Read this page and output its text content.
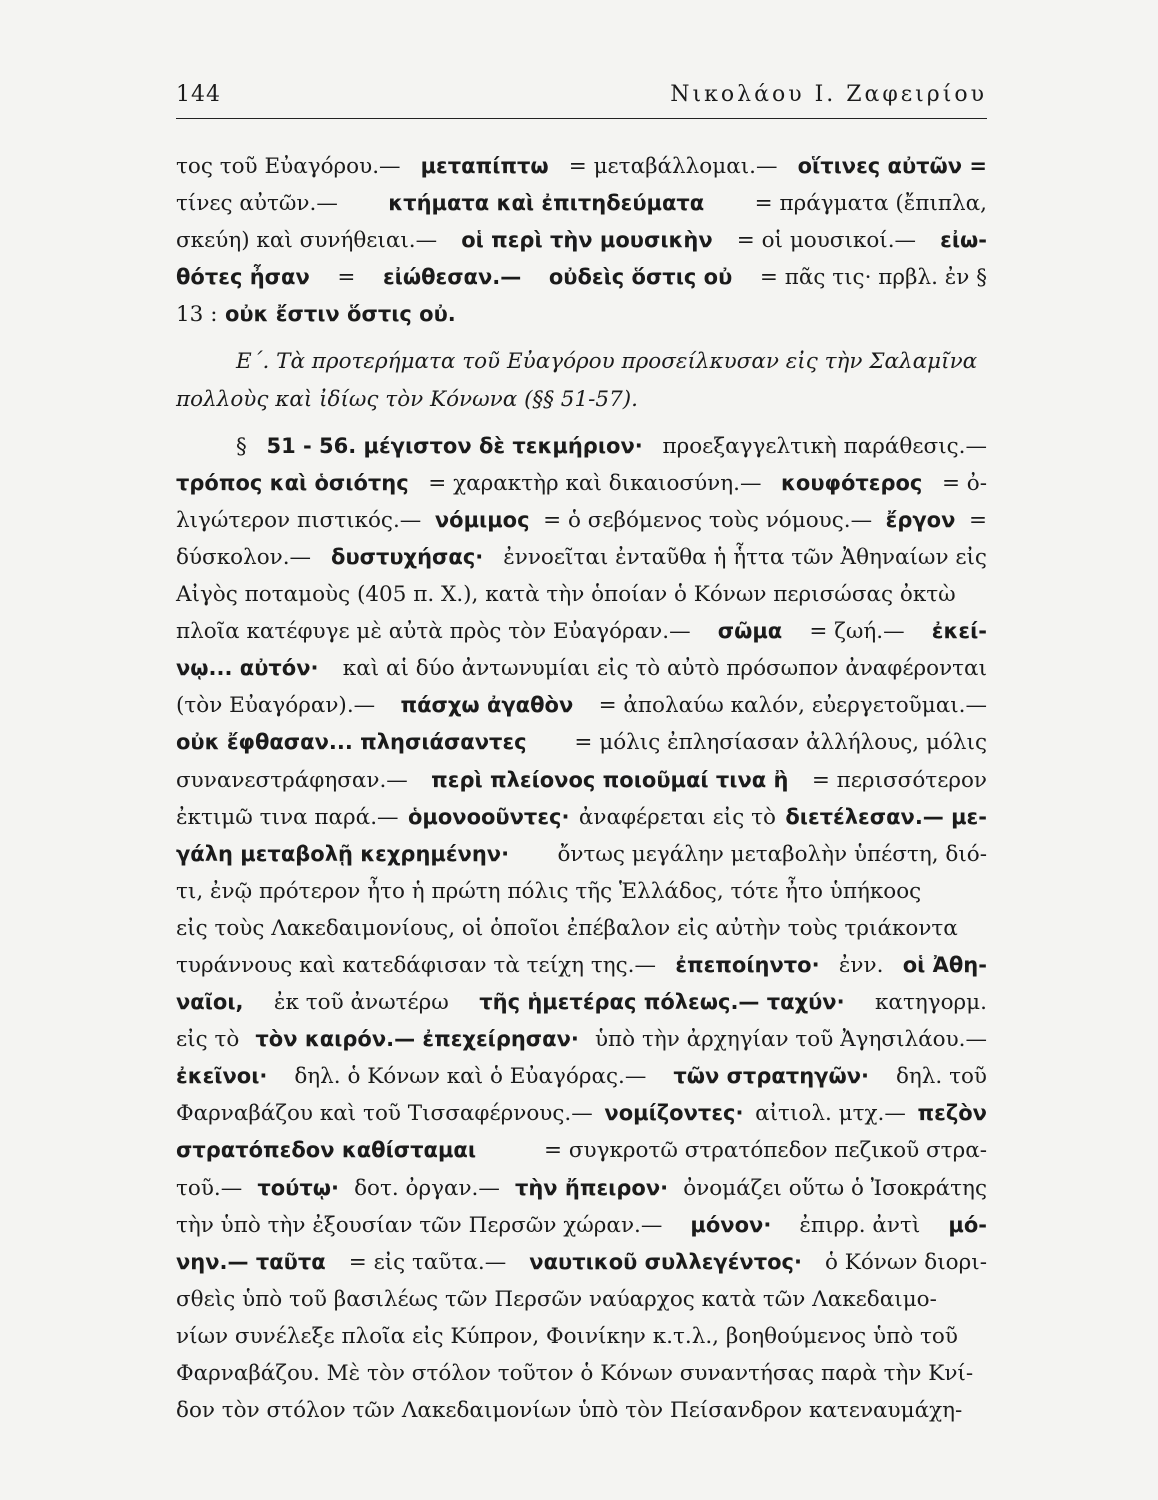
144	Νικολάου Ι. Ζαφειρίου
τος τοῦ Εὐαγόρου.— μεταπίπτω = μεταβάλλομαι.— οἵτινες αὐτῶν =
τίνες αὐτῶν.— κτήματα καὶ ἐπιτηδεύματα = πράγματα (ἔπιπλα,
σκεύη) καὶ συνήθειαι.— οἱ περὶ τὴν μουσικὴν = οἱ μουσικοί.— εἰω-
θότες ἦσαν = εἰώθεσαν.— οὐδεὶς ὅστις οὐ = πᾶς τις· πρβλ. ἐν §
13 : οὐκ ἔστιν ὅστις οὐ.
Ε΄. Τὰ προτερήματα τοῦ Εὐαγόρου προσείλκυσαν εἰς τὴν Σαλαμῖνα
πολλοὺς καὶ ἰδίως τὸν Κόνωνα (§§ 51-57).
§ 51 - 56. μέγιστον δὲ τεκμήριον· προεξαγγελτικὴ παράθεσις.—
τρόπος καὶ ὁσιότης = χαρακτὴρ καὶ δικαιοσύνη.— κουφότερος = ὀ-
λιγώτερον πιστικός.— νόμιμος = ὁ σεβόμενος τοὺς νόμους.— ἔργον =
δύσκολον.— δυστυχήσας· ἐννοεῖται ἐνταῦθα ἡ ἧττα τῶν Ἀθηναίων εἰς
Αἰγὸς ποταμοὺς (405 π. Χ.), κατὰ τὴν ὁποίαν ὁ Κόνων περισώσας ὀκτὼ
πλοῖα κατέφυγε μὲ αὐτὰ πρὸς τὸν Εὐαγόραν.— σῶμα = ζωή.— ἐκεί-
νῳ... αὐτόν· καὶ αἱ δύο ἀντωνυμίαι εἰς τὸ αὐτὸ πρόσωπον ἀναφέρονται
(τὸν Εὐαγόραν).— πάσχω ἀγαθὸν = ἀπολαύω καλόν, εὐεργετοῦμαι.—
οὐκ ἔφθασαν... πλησιάσαντες = μόλις ἐπλησίασαν ἀλλήλους, μόλις
συνανεστράφησαν.— περὶ πλείονος ποιοῦμαί τινα ἢ = περισσότερον
ἐκτιμῶ τινα παρά.— ὁμονοοῦντες· ἀναφέρεται εἰς τὸ διετέλεσαν.— με-
γάλη μεταβολῇ κεχρημένην· ὄντως μεγάλην μεταβολὴν ὑπέστη, διό-
τι, ἐνῷ πρότερον ἦτο ἡ πρώτη πόλις τῆς Ἑλλάδος, τότε ἦτο ὑπήκοος
εἰς τοὺς Λακεδαιμονίους, οἱ ὁποῖοι ἐπέβαλον εἰς αὐτὴν τοὺς τριάκοντα
τυράννους καὶ κατεδάφισαν τὰ τείχη της.— ἐπεποίηντο· ἐνν. οἱ Ἀθη-
ναῖοι, ἐκ τοῦ ἀνωτέρω τῆς ἡμετέρας πόλεως.— ταχύν· κατηγορμ.
εἰς τὸ τὸν καιρόν.— ἐπεχείρησαν· ὑπὸ τὴν ἀρχηγίαν τοῦ Ἀγησιλάου.—
ἐκεῖνοι· δηλ. ὁ Κόνων καὶ ὁ Εὐαγόρας.— τῶν στρατηγῶν· δηλ. τοῦ
Φαρναβάζου καὶ τοῦ Τισσαφέρνους.— νομίζοντες· αἰτιολ. μτχ.— πεζὸν
στρατόπεδον καθίσταμαι	= συγκροτῶ στρατόπεδον πεζικοῦ στρα-
τοῦ.— τούτῳ· δοτ. ὀργαν.— τὴν ἤπειρον· ὀνομάζει οὕτω ὁ Ἰσοκράτης
τὴν ὑπὸ τὴν ἐξουσίαν τῶν Περσῶν χώραν.— μόνον· ἐπιρρ. ἀντὶ μό-
νην.— ταῦτα = εἰς ταῦτα.— ναυτικοῦ συλλεγέντος· ὁ Κόνων διορι-
σθεὶς ὑπὸ τοῦ βασιλέως τῶν Περσῶν ναύαρχος κατὰ τῶν Λακεδαιμο-
νίων συνέλεξε πλοῖα εἰς Κύπρον, Φοινίκην κ.τ.λ., βοηθούμενος ὑπὸ τοῦ
Φαρναβάζου. Μὲ τὸν στόλον τοῦτον ὁ Κόνων συναντήσας παρὰ τὴν Κνί-
δον τὸν στόλον τῶν Λακεδαιμονίων ὑπὸ τὸν Πείσανδρον κατεναυμάχη-
